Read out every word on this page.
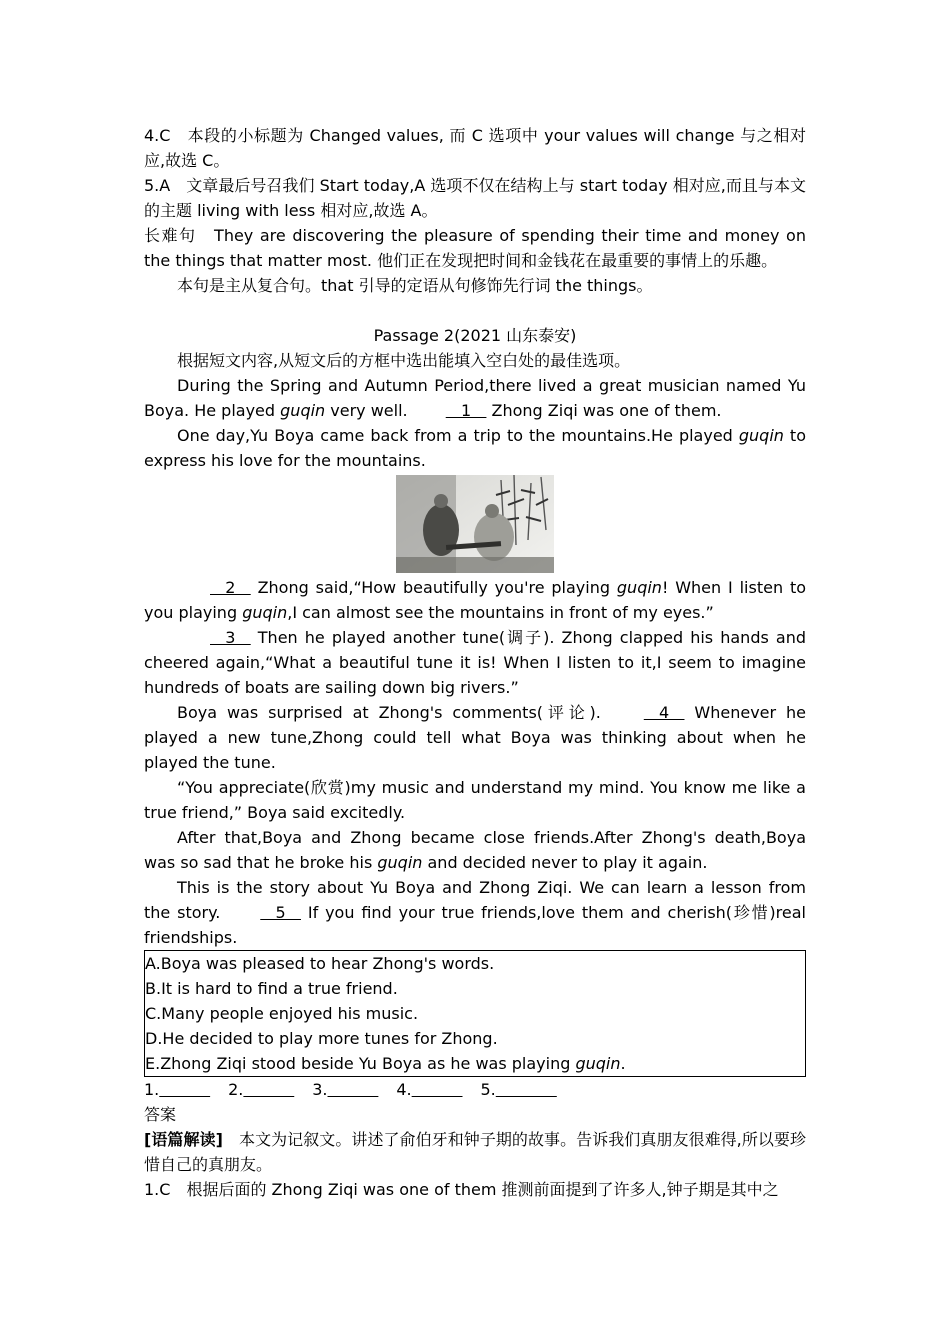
4.C　 本段的小标题为 Changed values, 而 C 选项中 your values will change 与之相对应,故选 C。

5.A　 文章最后号召我们 Start today,A 选项不仅在结构上与 start today 相对应,而且与本文的主题 living with less 相对应,故选 A。

长难句　 They are discovering the pleasure of spending their time and money on the things that matter most. 他们正在发现把时间和金钱花在最重要的事情上的乐趣。

本句是主从复合句。that 引导的定语从句修饰先行词 the things。

Passage 2(2021 山东泰安)

根据短文内容,从短文后的方框中选出能填入空白处的最佳选项。

During the Spring and Autumn Period,there lived a great musician named Yu Boya. He played guqin very well.    1    Zhong Ziqi was one of them.

One day,Yu Boya came back from a trip to the mountains.He played guqin to express his love for the mountains.

2    Zhong said,“How beautifully you're playing guqin! When I listen to you playing guqin,I can almost see the mountains in front of my eyes.”

3    Then he played another tune(调子). Zhong clapped his hands and cheered again,“What a beautiful tune it is! When I listen to it,I seem to imagine hundreds of boats are sailing down big rivers.”

Boya was surprised at Zhong's comments(评论).    4    Whenever he played a new tune,Zhong could tell what Boya was thinking about when he played the tune.

“You appreciate(欣赏)my music and understand my mind. You know me like a true friend,” Boya said excitedly.

After that,Boya and Zhong became close friends.After Zhong's death,Boya was so sad that he broke his guqin and decided never to play it again.

This is the story about Yu Boya and Zhong Ziqi. We can learn a lesson from the story.    5    If you find your true friends,love them and cherish(珍惜)real friendships.

A.Boya was pleased to hear Zhong's words.

B.It is hard to find a true friend.

C.Many people enjoyed his music.

D.He decided to play more tunes for Zhong.

E.Zhong Ziqi stood beside Yu Boya as he was playing guqin.

1.	2.	3.	4.	5.

答案

[语篇解读]　 本文为记叙文。讲述了俞伯牙和钟子期的故事。告诉我们真朋友很难得,所以要珍惜自己的真朋友。

1.C　 根据后面的 Zhong Ziqi was one of them 推测前面提到了许多人,钟子期是其中之
